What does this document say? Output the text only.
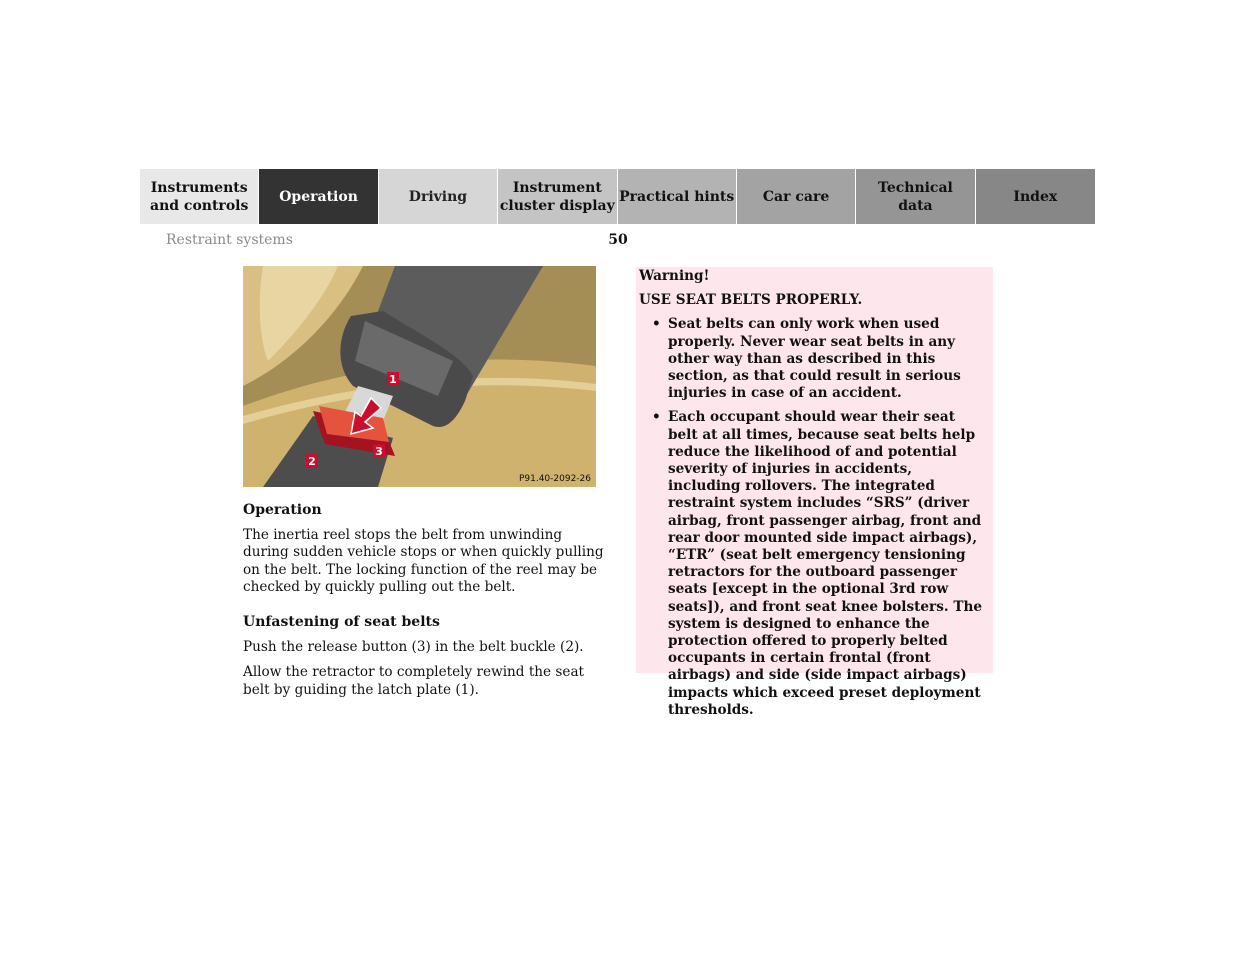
Instruments
and controls
Operation	Driving
Instrument
cluster display
Practical hints Car care
Technical
data
Index
Restraint systems	50
1
2
3
P91.40-2092-26
Operation

The inertia reel stops the belt from unwinding during sudden vehicle stops or when quickly pulling on the belt. The locking function of the reel may be checked by quickly pulling out the belt.

Unfastening of seat belts

Push the release button (3) in the belt buckle (2).

Allow the retractor to completely rewind the seat belt by guiding the latch plate (1).

Warning!
USE SEAT BELTS PROPERLY.
• Seat belts can only work when used properly. Never wear seat belts in any other way than as described in this section, as that could result in serious injuries in case of an accident.
• Each occupant should wear their seat belt at all times, because seat belts help reduce the likelihood of and potential severity of injuries in accidents, including rollovers. The integrated restraint system includes “SRS” (driver airbag, front passenger airbag, front and rear door mounted side impact airbags), “ETR” (seat belt emergency tensioning retractors for the outboard passenger seats [except in the optional 3rd row seats]), and front seat knee bolsters. The system is designed to enhance the protection offered to properly belted occupants in certain frontal (front airbags) and side (side impact airbags) impacts which exceed preset deployment thresholds.
